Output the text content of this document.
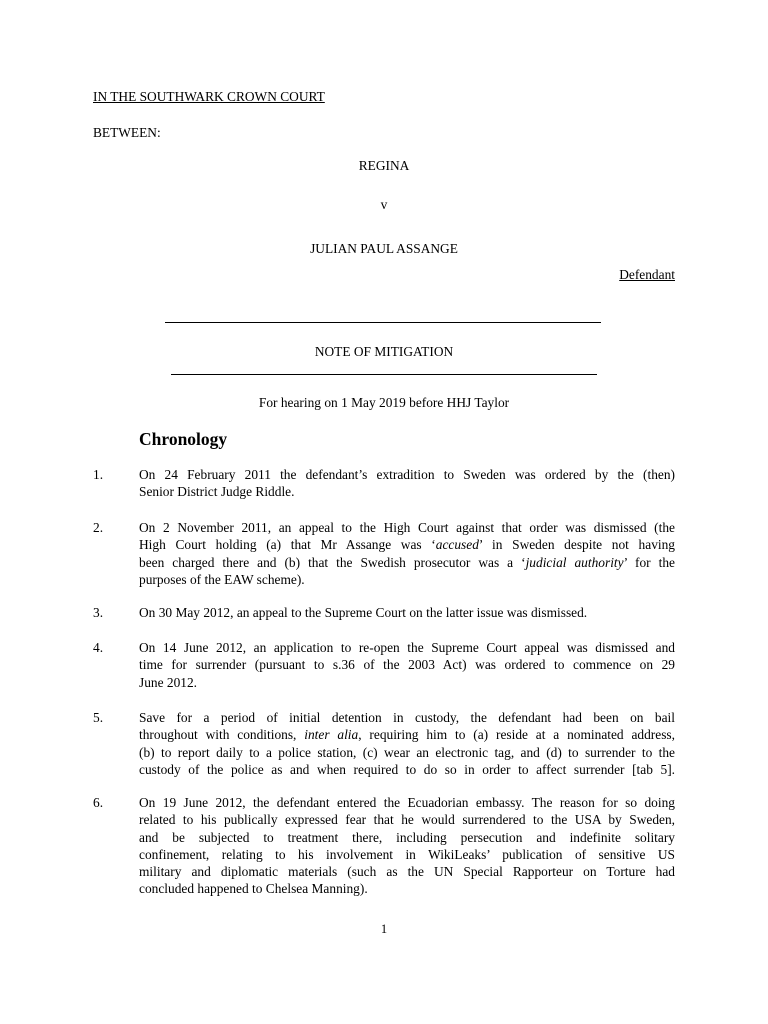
IN THE SOUTHWARK CROWN COURT
BETWEEN:
REGINA
v
JULIAN PAUL ASSANGE
Defendant
NOTE OF MITIGATION
For hearing on 1 May 2019 before HHJ Taylor
Chronology
1.	On 24 February 2011 the defendant’s extradition to Sweden was ordered by the (then)
Senior District Judge Riddle.
2.	On 2 November 2011, an appeal to the High Court against that order was dismissed (the
High Court holding (a) that Mr Assange was ‘accused’ in Sweden despite not having
been charged there and (b) that the Swedish prosecutor was a ‘judicial authority’ for the
purposes of the EAW scheme).
3.	On 30 May 2012, an appeal to the Supreme Court on the latter issue was dismissed.
4.	On 14 June 2012, an application to re-open the Supreme Court appeal was dismissed and
time for surrender (pursuant to s.36 of the 2003 Act) was ordered to commence on 29
June 2012.
5.	Save for a period of initial detention in custody, the defendant had been on bail
throughout with conditions, inter alia, requiring him to (a) reside at a nominated address,
(b) to report daily to a police station, (c) wear an electronic tag, and (d) to surrender to the
custody of the police as and when required to do so in order to affect surrender [tab 5].
6.	On 19 June 2012, the defendant entered the Ecuadorian embassy. The reason for so doing
related to his publically expressed fear that he would surrendered to the USA by Sweden,
and be subjected to treatment there, including persecution and indefinite solitary
confinement, relating to his involvement in WikiLeaks’ publication of sensitive US
military and diplomatic materials (such as the UN Special Rapporteur on Torture had
concluded happened to Chelsea Manning).
1
